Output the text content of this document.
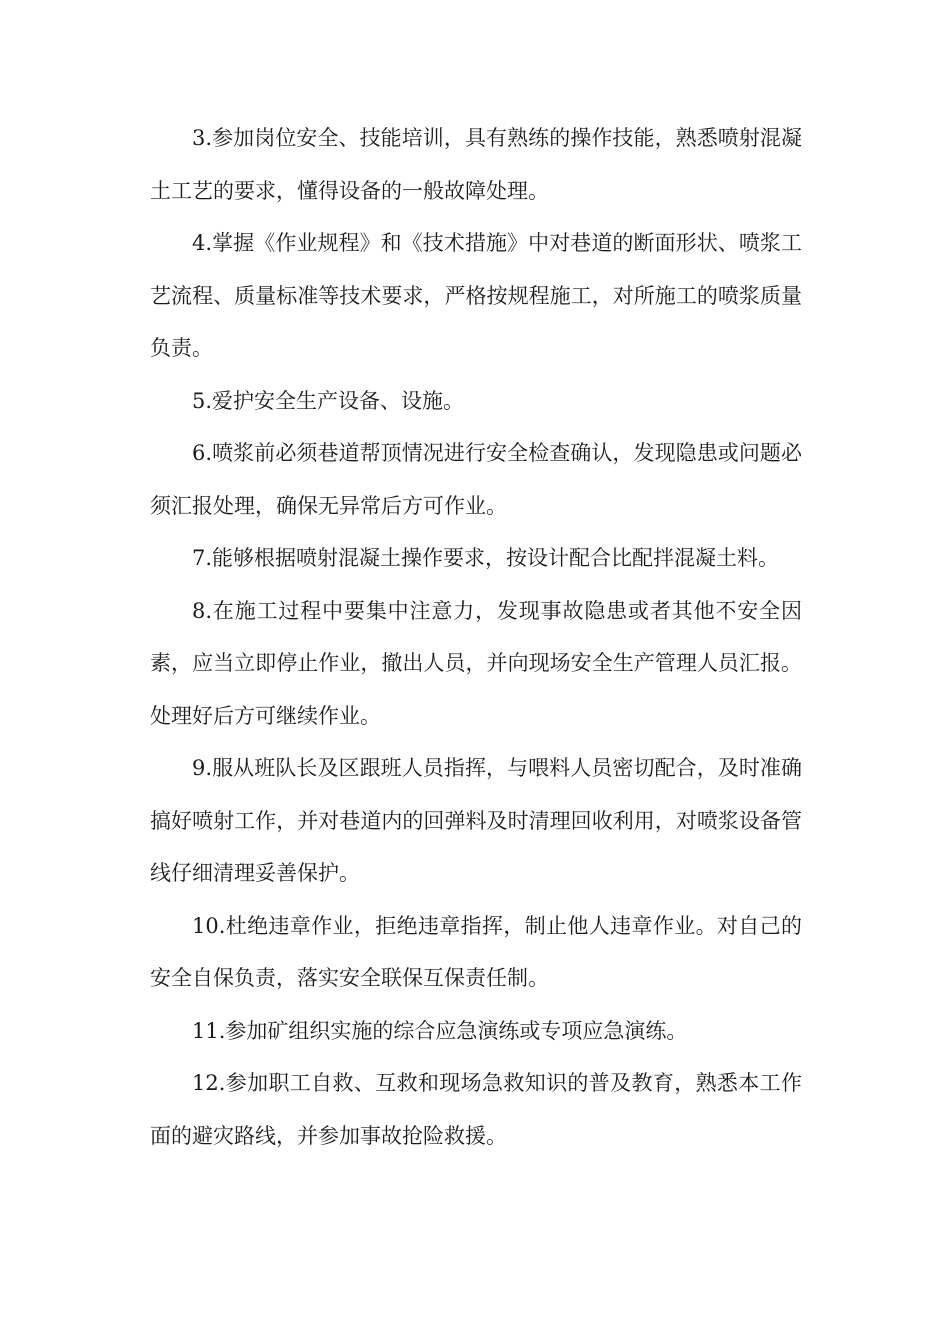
3.参加岗位安全、技能培训，具有熟练的操作技能，熟悉喷射混凝土工艺的要求，懂得设备的一般故障处理。

4.掌握《作业规程》和《技术措施》中对巷道的断面形状、喷浆工艺流程、质量标准等技术要求，严格按规程施工，对所施工的喷浆质量负责。

5.爱护安全生产设备、设施。

6.喷浆前必须巷道帮顶情况进行安全检查确认，发现隐患或问题必须汇报处理，确保无异常后方可作业。

7.能够根据喷射混凝土操作要求，按设计配合比配拌混凝土料。

8.在施工过程中要集中注意力，发现事故隐患或者其他不安全因素，应当立即停止作业，撤出人员，并向现场安全生产管理人员汇报。处理好后方可继续作业。

9.服从班队长及区跟班人员指挥，与喂料人员密切配合，及时准确搞好喷射工作，并对巷道内的回弹料及时清理回收利用，对喷浆设备管线仔细清理妥善保护。

10.杜绝违章作业，拒绝违章指挥，制止他人违章作业。对自己的安全自保负责，落实安全联保互保责任制。

11.参加矿组织实施的综合应急演练或专项应急演练。

12.参加职工自救、互救和现场急救知识的普及教育，熟悉本工作面的避灾路线，并参加事故抢险救援。
